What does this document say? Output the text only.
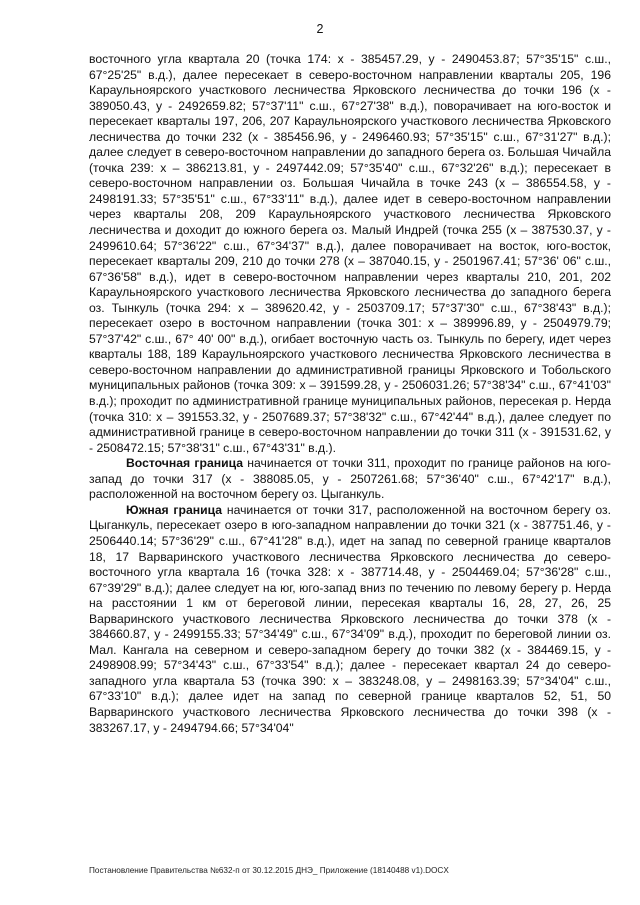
2

восточного угла квартала 20 (точка 174: х - 385457.29, у - 2490453.87; 57°35'15" с.ш., 67°25'25" в.д.), далее пересекает в северо-восточном направлении кварталы 205, 196 Караульноярского участкового лесничества Ярковского лесничества до точки 196 (х - 389050.43, у - 2492659.82; 57°37'11" с.ш., 67°27'38" в.д.), поворачивает на юго-восток и пересекает кварталы 197, 206, 207 Караульноярского участкового лесничества Ярковского лесничества до точки 232 (х - 385456.96, у - 2496460.93; 57°35'15" с.ш., 67°31'27" в.д.); далее следует в северо-восточном направлении до западного берега оз. Большая Чичайла (точка 239: х – 386213.81, у - 2497442.09; 57°35'40" с.ш., 67°32'26" в.д.); пересекает в северо-восточном направлении оз. Большая Чичайла в точке 243 (х – 386554.58, у - 2498191.33; 57°35'51" с.ш., 67°33'11" в.д.), далее идет в северо-восточном направлении через кварталы 208, 209 Караульноярского участкового лесничества Ярковского лесничества и доходит до южного берега оз. Малый Индрей (точка 255 (х – 387530.37, у - 2499610.64; 57°36'22" с.ш., 67°34'37" в.д.), далее поворачивает на восток, юго-восток, пересекает кварталы 209, 210 до точки 278 (х – 387040.15, у - 2501967.41; 57°36' 06" с.ш., 67°36'58" в.д.), идет в северо-восточном направлении через кварталы 210, 201, 202 Караульноярского участкового лесничества Ярковского лесничества до западного берега оз. Тынкуль (точка 294: х – 389620.42, у - 2503709.17; 57°37'30" с.ш., 67°38'43" в.д.); пересекает озеро в восточном направлении (точка 301: х – 389996.89, у - 2504979.79; 57°37'42" с.ш., 67° 40' 00" в.д.), огибает восточную часть оз. Тынкуль по берегу, идет через кварталы 188, 189 Караульноярского участкового лесничества Ярковского лесничества в северо-восточном направлении до административной границы Ярковского и Тобольского муниципальных районов (точка 309: х – 391599.28, у - 2506031.26; 57°38'34" с.ш., 67°41'03" в.д.); проходит по административной границе муниципальных районов, пересекая р. Нерда (точка 310: х – 391553.32, у - 2507689.37; 57°38'32" с.ш., 67°42'44" в.д.), далее следует по административной границе в северо-восточном направлении до точки 311 (х - 391531.62, у - 2508472.15; 57°38'31" с.ш., 67°43'31" в.д.).

Восточная граница начинается от точки 311, проходит по границе районов на юго-запад до точки 317 (х - 388085.05, у - 2507261.68; 57°36'40" с.ш., 67°42'17" в.д.), расположенной на восточном берегу оз. Цыганкуль.

Южная граница начинается от точки 317, расположенной на восточном берегу оз. Цыганкуль, пересекает озеро в юго-западном направлении до точки 321 (х - 387751.46, у - 2506440.14; 57°36'29" с.ш., 67°41'28" в.д.), идет на запад по северной границе кварталов 18, 17 Варваринского участкового лесничества Ярковского лесничества до северо-восточного угла квартала 16 (точка 328: х - 387714.48, у - 2504469.04; 57°36'28" с.ш., 67°39'29" в.д.); далее следует на юг, юго-запад вниз по течению по левому берегу р. Нерда на расстоянии 1 км от береговой линии, пересекая кварталы 16, 28, 27, 26, 25 Варваринского участкового лесничества Ярковского лесничества до точки 378 (х - 384660.87, у - 2499155.33; 57°34'49" с.ш., 67°34'09" в.д.), проходит по береговой линии оз. Мал. Кангала на северном и северо-западном берегу до точки 382 (х - 384469.15, у - 2498908.99; 57°34'43" с.ш., 67°33'54" в.д.); далее - пересекает квартал 24 до северо-западного угла квартала 53 (точка 390: х – 383248.08, у – 2498163.39; 57°34'04" с.ш., 67°33'10" в.д.); далее идет на запад по северной границе кварталов 52, 51, 50 Варваринского участкового лесничества Ярковского лесничества до точки 398 (х - 383267.17, у - 2494794.66; 57°34'04"

Постановление Правительства №632-п от 30.12.2015 ДНЭ_ Приложение (18140488 v1).DOCX
